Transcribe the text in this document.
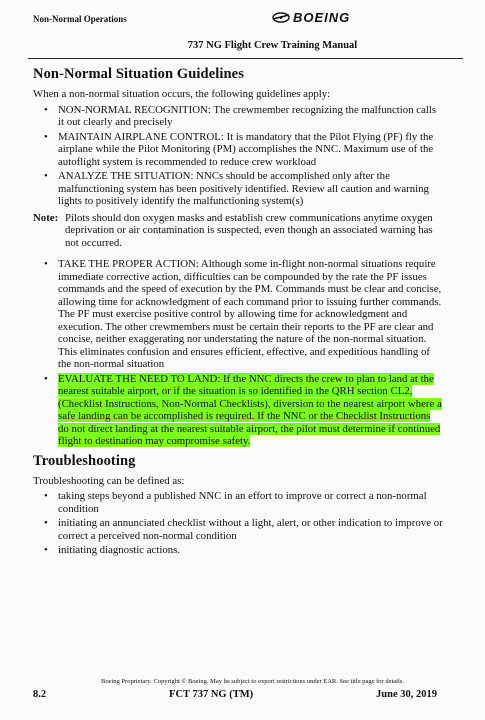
Non-Normal Operations	BOEING
737 NG Flight Crew Training Manual
Non-Normal Situation Guidelines

When a non-normal situation occurs, the following guidelines apply:

• NON-NORMAL RECOGNITION: The crewmember recognizing the malfunction calls it out clearly and precisely
• MAINTAIN AIRPLANE CONTROL: It is mandatory that the Pilot Flying (PF) fly the airplane while the Pilot Monitoring (PM) accomplishes the NNC. Maximum use of the autoflight system is recommended to reduce crew workload
• ANALYZE THE SITUATION: NNCs should be accomplished only after the malfunctioning system has been positively identified. Review all caution and warning lights to positively identify the malfunctioning system(s)
Note: Pilots should don oxygen masks and establish crew communications anytime oxygen deprivation or air contamination is suspected, even though an associated warning has not occurred.
• TAKE THE PROPER ACTION: Although some in-flight non-normal situations require immediate corrective action, difficulties can be compounded by the rate the PF issues commands and the speed of execution by the PM. Commands must be clear and concise, allowing time for acknowledgment of each command prior to issuing further commands. The PF must exercise positive control by allowing time for acknowledgment and execution. The other crewmembers must be certain their reports to the PF are clear and concise, neither exaggerating nor understating the nature of the non-normal situation. This eliminates confusion and ensures efficient, effective, and expeditious handling of the non-normal situation
• EVALUATE THE NEED TO LAND: If the NNC directs the crew to plan to land at the nearest suitable airport, or if the situation is so identified in the QRH section CL2, (Checklist Instructions, Non-Normal Checklists), diversion to the nearest airport where a safe landing can be accomplished is required. If the NNC or the Checklist Instructions do not direct landing at the nearest suitable airport, the pilot must determine if continued flight to destination may compromise safety.
Troubleshooting

Troubleshooting can be defined as:

• taking steps beyond a published NNC in an effort to improve or correct a non-normal condition
• initiating an annunciated checklist without a light, alert, or other indication to improve or correct a perceived non-normal condition
• initiating diagnostic actions.
Boeing Proprietary. Copyright © Boeing. May be subject to export restrictions under EAR. See title page for details.
8.2	FCT 737 NG (TM)	June 30, 2019
